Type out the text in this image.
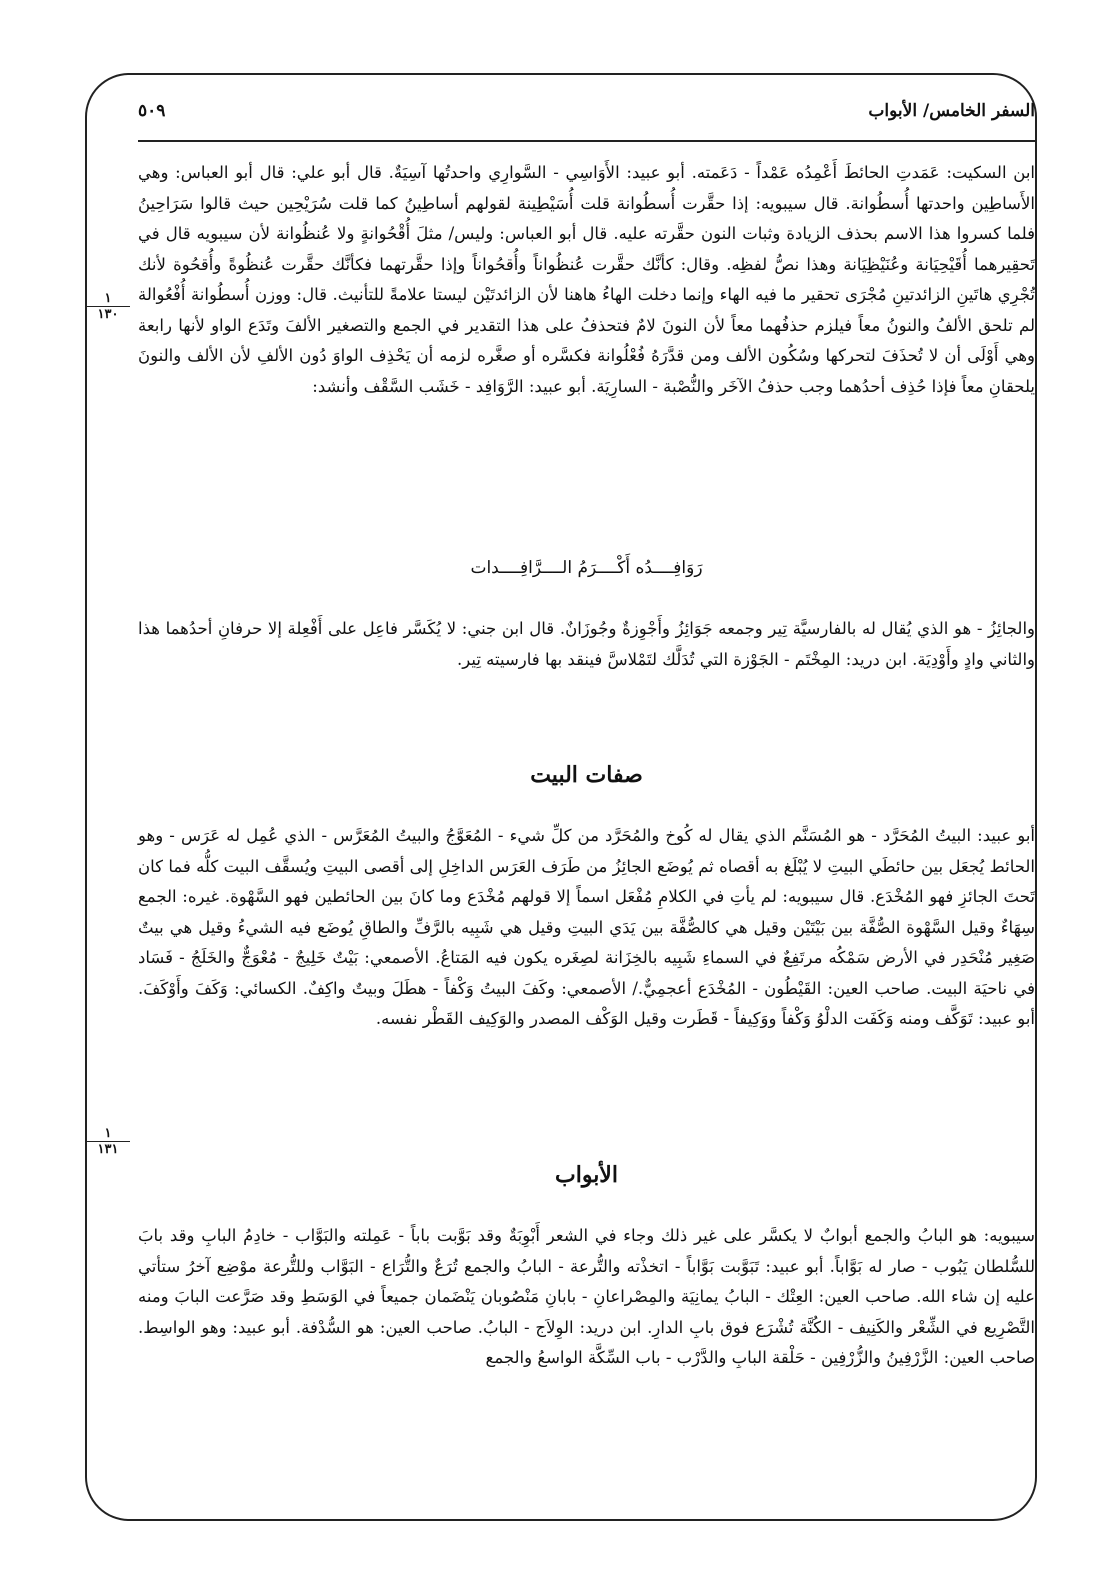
السفر الخامس/ الأبواب
٥٠٩
١
١٣٠
١
١٣١

ابن السكيت: عَمَدتِ الحائطَ أَعْمِدُه عَمْداً - دَعَمته. أبو عبيد: الأَوَاسِي - السَّوارِي واحدتُها آسِيَةٌ. قال أبو علي: قال أبو العباس: وهي الأَساطِين واحدتها أُسطُوانة. قال سيبويه: إذا حقَّرت أُسطُوانة قلت أُسَيْطِينة لقولهم أساطِينُ كما قلت سُرَيْحِين حيث قالوا سَرَاحِينُ فلما كسروا هذا الاسم بحذف الزيادة وثبات النون حقَّرته عليه. قال أبو العباس: وليس/ مثلَ أُقْحُوانةٍ ولا عُنظُوانة لأن سيبويه قال في تَحقِيرهما أُقَيْحِيَانة وعُنَيْظِيَانة وهذا نصُّ لفظِه. وقال: كأنَّك حقَّرت عُنظُواناً وأُقحُواناً وإذا حقَّرتهما فكأنَّك حقَّرت عُنظُوةً وأُقحُوة لأنك تُجْرِي هاتَينِ الزائدتينِ مُجْرَى تحقير ما فيه الهاء وإنما دخلت الهاءُ هاهنا لأن الزائدتَيْن ليستا علامةً للتأنيث. قال: ووزن أُسطُوانة أُفْعُوالة لم تلحق الألفُ والنونُ معاً فيلزم حذفُهما معاً لأن النونَ لامٌ فتحذفُ على هذا التقدير في الجمع والتصغير الألفَ وتَدَع الواو لأنها رابعة وهي أَوْلَى أن لا تُحذَفَ لتحركها وسُكُون الألف ومن قدَّرَهُ فُعْلُوانة فكسَّره أو صغَّره لزمه أن يَحْذِف الواوَ دُون الألفِ لأن الألف والنونَ يلحقانِ معاً فإذا حُذِف أحدُهما وجب حذفُ الآخَر والنُّصْبة - السارِيَة. أبو عبيد: الرَّوَافِد - خَشَب السَّقْف وأنشد:

رَوَافِــــدُه أَكْــــرَمُ الــــرَّافِــــدات

والجائِزُ - هو الذي يُقال له بالفارسيَّة تِير وجمعه جَوَائِزُ وأَجْوِزةٌ وجُوزَانٌ. قال ابن جني: لا يُكَسَّر فاعِل على أَفْعِلة إلا حرفانِ أحدُهما هذا والثاني وادٍ وأَوْدِيَة. ابن دريد: المِخْتَم - الجَوْزة التي تُدَلَّك لتَمْلاسَّ فينقد بها فارسيته تِير.

صفات البيت

أبو عبيد: البيتُ المُحَرَّد - هو المُسَنَّم الذي يقال له كُوخ والمُحَرَّد من كلِّ شيء - المُعَوَّجُ والبيتُ المُعَرَّس - الذي عُمِل له عَرَس - وهو الحائط يُجعَل بين حائطَي البيتِ لا يُبْلَغ به أقصاه ثم يُوضَع الجائِزُ من طَرَف العَرَس الداخِلِ إلى أقصى البيتِ ويُسقَّف البيت كلُّه فما كان تَحتَ الجائزِ فهو المُخْدَع. قال سيبويه: لم يأتِ في الكلامِ مُفْعَل اسماً إلا قولهم مُخْدَع وما كانَ بين الحائطين فهو السَّهْوة. غيره: الجمع سِهَاءٌ وقيل السَّهْوة الصُّفَّة بين بَيْتَيْن وقيل هي كالصُّفَّة بين يَدَي البيتِ وقيل هي شَبِيه بالرَّفِّ والطاقِ يُوضَع فيه الشيءُ وقيل هي بيتٌ صَغِير مُنْحَدِر في الأرض سَمْكُه مرتَفِعٌ في السماءِ شَبِيه بالخِزَانة لصِغَره يكون فيه المَتاعُ. الأصمعي: بَيْتٌ خَلِيجٌ - مُعْوَجٌّ والخَلَجُ - فَسَاد في ناحيَة البيت. صاحب العين: القَيْطُون - المُخْدَع أعجمِيٌّ./ الأصمعي: وكَفَ البيتُ وَكْفاً - هطَلَ وبيتٌ واكِفٌ. الكسائي: وَكَفَ وأَوْكَفَ. أبو عبيد: تَوَكَّف ومنه وَكَفَت الدلْوُ وَكْفاً ووَكِيفاً - قَطَرت وقيل الوَكْف المصدر والوَكِيف القَطْر نفسه.

الأبواب

سيبويه: هو البابُ والجمع أبوابٌ لا يكسَّر على غير ذلك وجاء في الشعر أَبْوِبَةٌ وقد بَوَّبت باباً - عَمِلته والبَوَّاب - خادِمُ البابِ وقد بابَ للسُّلطان يَبُوب - صار له بَوَّاباً. أبو عبيد: تَبَوَّبت بَوَّاباً - اتخذْته والتُّرعة - البابُ والجمع تُرَعٌ والتُّرَاع - البَوَّاب وللتُّرعة موْضِع آخرُ ستأتي عليه إن شاء الله. صاحب العين: العِتْك - البابُ يمانِيَة والمِصْراعانِ - بابانِ مَنْصُوبان يَنْضَمان جميعاً في الوَسَطِ وقد صَرَّعت البابَ ومنه التَّصْرِيع في الشِّعْر والكَنِيف - الكُنَّة تُشْرَع فوق بابِ الدارِ. ابن دريد: الوِلاَج - البابُ. صاحب العين: هو السُّدْفة. أبو عبيد: وهو الواسِط. صاحب العين: الزَّرْفِينُ والزُّرْفِين - حَلْقة البابِ والدَّرْب - باب السِّكَّة الواسعُ والجمع
